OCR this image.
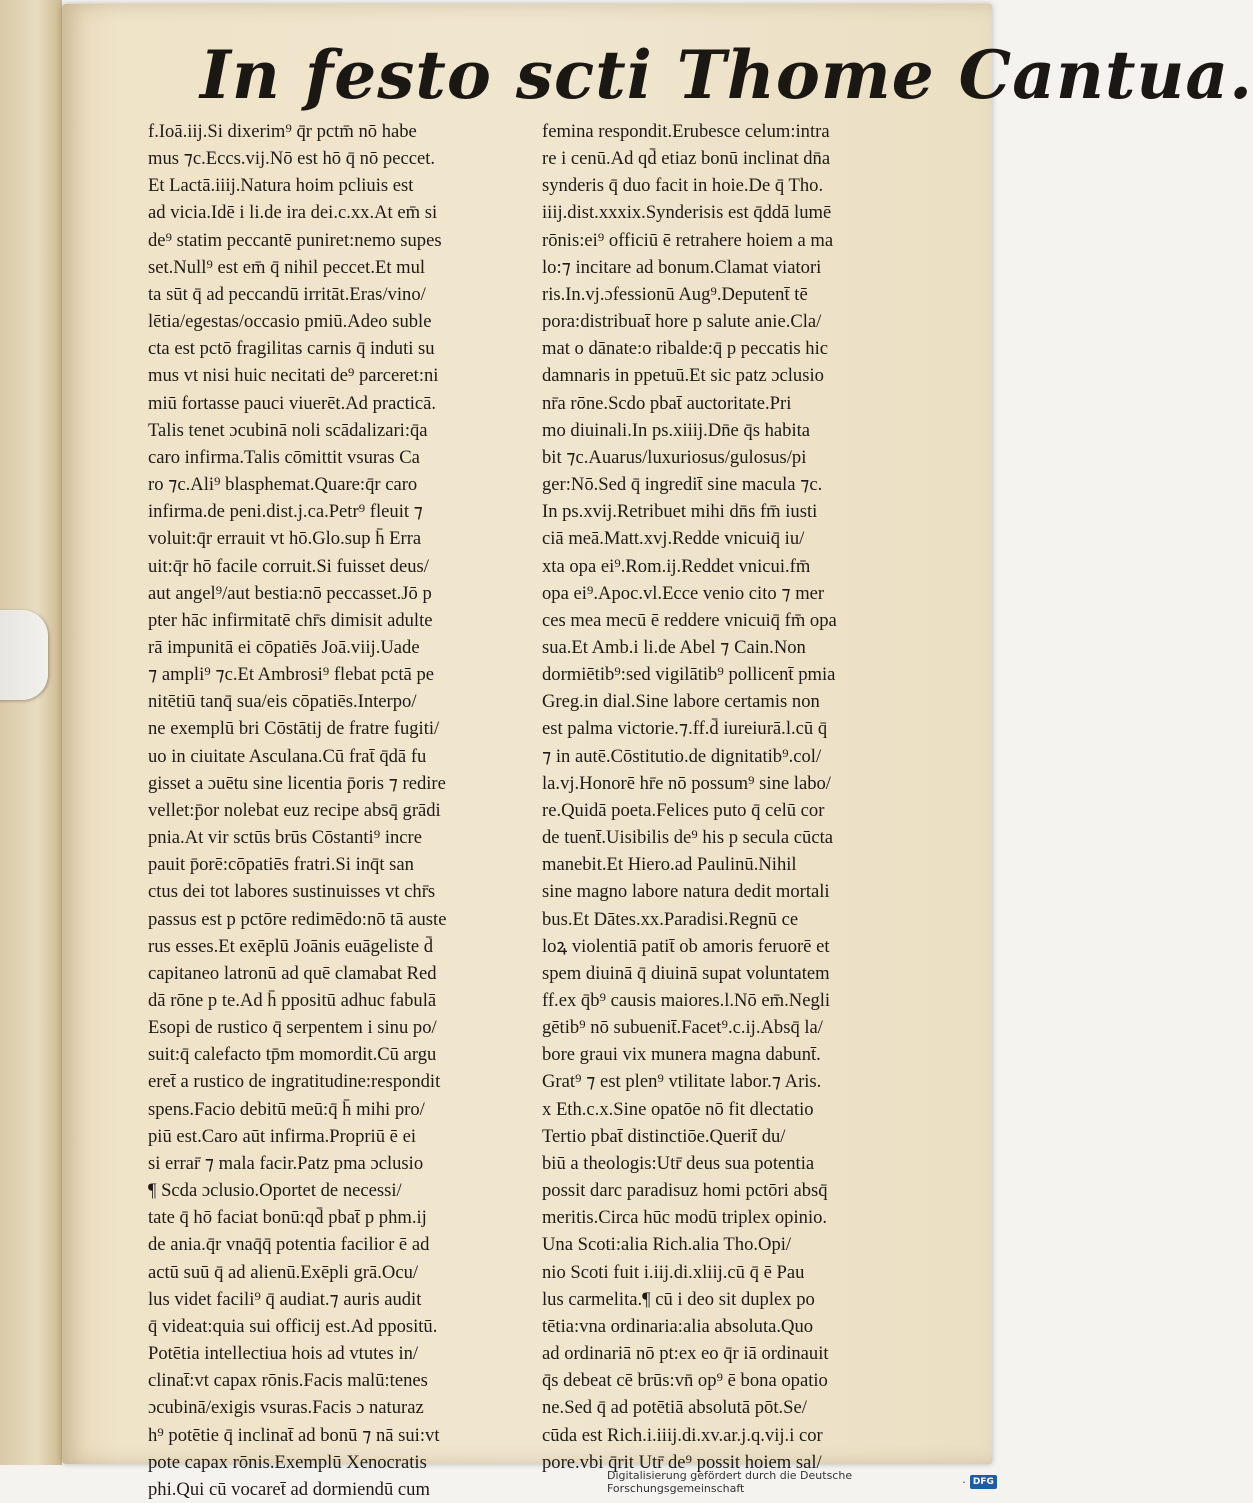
In festo scti Thome Cantua.
f.Ioā.iij.Si dixerim⁹ q̄r pctm̄ nō habe
mus ⁊c.Eccs.vij.Nō est hō q̄ nō peccet.
Et Lactā.iiij.Natura hoim pcliuis est
ad vicia.Idē i li.de ira dei.c.xx.At em̄ si
de⁹ statim peccantē puniret:nemo supes
set.Null⁹ est em̄ q̄ nihil peccet.Et mul
ta sūt q̄ ad peccandū irritāt.Eras/vino/
lētia/egestas/occasio pmiū.Adeo suble
cta est pctō fragilitas carnis q̄ induti su
mus vt nisi huic necitati de⁹ parceret:ni
miū fortasse pauci viuerēt.Ad practicā.
Talis tenet ɔcubinā noli scādalizari:q̄a
caro infirma.Talis cōmittit vsuras Ca
ro ⁊c.Ali⁹ blasphemat.Quare:q̄r caro
infirma.de peni.dist.j.ca.Petr⁹ fleuit ⁊
voluit:q̄r errauit vt hō.Glo.sup h̄ Erra
uit:q̄r hō facile corruit.Si fuisset deus/
aut angel⁹/aut bestia:nō peccasset.Jō p
pter hāc infirmitatē chr̄s dimisit adulte
rā impunitā ei cōpatiēs Joā.viij.Uade
⁊ ampli⁹ ⁊c.Et Ambrosi⁹ flebat pctā pe
nitētiū tanq̄ sua/eis cōpatiēs.Interpo/
ne exemplū bri Cōstātij de fratre fugiti/
uo in ciuitate Asculana.Cū frat̄ q̄dā fu
gisset a ɔuētu sine licentia p̄oris ⁊ redire
vellet:p̄or nolebat euz recipe absq̄ grādi
pnia.At vir sctūs brūs Cōstanti⁹ incre
pauit p̄orē:cōpatiēs fratri.Si inq̄t san
ctus dei tot labores sustinuisses vt chr̄s
passus est p pctōre redimēdo:nō tā auste
rus esses.Et exēplū Joānis euāgeliste d̄
capitaneo latronū ad quē clamabat Red
dā rōne p te.Ad h̄ ppositū adhuc fabulā
Esopi de rustico q̄ serpentem i sinu po/
suit:q̄ calefacto tp̄m momordit.Cū argu
eret̄ a rustico de ingratitudine:respondit
spens.Facio debitū meū:q̄ h̄ mihi pro/
piū est.Caro aūt infirma.Propriū ē ei
si errar̄ ⁊ mala facir.Patz pma ɔclusio
¶ Scda ɔclusio.Oportet de necessi/
tate q̄ hō faciat bonū:qd̄ pbat̄ p phm.ij
de ania.q̄r vnaq̄q̄ potentia facilior ē ad
actū suū q̄ ad alienū.Exēpli grā.Ocu/
lus videt facili⁹ q̄ audiat.⁊ auris audit
q̄ videat:quia sui officij est.Ad ppositū.
Potētia intellectiua hois ad vtutes in/
clinat̄:vt capax rōnis.Facis malū:tenes
ɔcubinā/exigis vsuras.Facis ɔ naturaz
h⁹ potētie q̄ inclinat̄ ad bonū ⁊ nā sui:vt
pote capax rōnis.Exemplū Xenocratis
phi.Qui cū vocaret̄ ad dormiendū cum
femina respondit.Erubesce celum:intra
re i cenū.Ad qd̄ etiaz bonū inclinat dn̄a
synderis q̄ duo facit in hoie.De q̄ Tho.
iiij.dist.xxxix.Synderisis est q̄ddā lumē
rōnis:ei⁹ officiū ē retrahere hoiem a ma
lo:⁊ incitare ad bonum.Clamat viatori
ris.In.vj.ɔfessionū Aug⁹.Deputent̄ tē
pora:distribuat̄ hore p salute anie.Cla/
mat o dānate:o ribalde:q̄ p peccatis hic
damnaris in ppetuū.Et sic patz ɔclusio
nr̄a rōne.Scdo pbat̄ auctoritate.Pri
mo diuinali.In ps.xiiij.Dn̄e q̄s habita
bit ⁊c.Auarus/luxuriosus/gulosus/pi
ger:Nō.Sed q̄ ingredit̄ sine macula ⁊c.
In ps.xvij.Retribuet mihi dn̄s fm̄ iusti
ciā meā.Matt.xvj.Redde vnicuiq̄ iu/
xta opa ei⁹.Rom.ij.Reddet vnicui.fm̄
opa ei⁹.Apoc.vl.Ecce venio cito ⁊ mer
ces mea mecū ē reddere vnicuiq̄ fm̄ opa
sua.Et Amb.i li.de Abel ⁊ Cain.Non
dormiētib⁹:sed vigilātib⁹ pollicent̄ pmia
Greg.in dial.Sine labore certamis non
est palma victorie.⁊.ff.d̄ iureiurā.l.cū q̄
⁊ in autē.Cōstitutio.de dignitatib⁹.col/
la.vj.Honorē hr̄e nō possum⁹ sine labo/
re.Quidā poeta.Felices puto q̄ celū cor
de tuent̄.Uisibilis de⁹ his p secula cūcta
manebit.Et Hiero.ad Paulinū.Nihil
sine magno labore natura dedit mortali
bus.Et Dātes.xx.Paradisi.Regnū ce
loꝝ violentiā patit̄ ob amoris feruorē et
spem diuinā q̄ diuinā supat voluntatem
ff.ex q̄b⁹ causis maiores.l.Nō em̄.Negli
gētib⁹ nō subuenit̄.Facet⁹.c.ij.Absq̄ la/
bore graui vix munera magna dabunt̄.
Grat⁹ ⁊ est plen⁹ vtilitate labor.⁊ Aris.
x Eth.c.x.Sine opatōe nō fit dlectatio
Tertio pbat̄ distinctiōe.Querit̄ du/
biū a theologis:Utr̄ deus sua potentia
possit darc paradisuz homi pctōri absq̄
meritis.Circa hūc modū triplex opinio.
Una Scoti:alia Rich.alia Tho.Opi/
nio Scoti fuit i.iij.di.xliij.cū q̄ ē Pau
lus carmelita.¶ cū i deo sit duplex po
tētia:vna ordinaria:alia absoluta.Quo
ad ordinariā nō pt:ex eo q̄r iā ordinauit
q̄s debeat cē brūs:vn̄ op⁹ ē bona opatio
ne.Sed q̄ ad potētiā absolutā pōt.Se/
cūda est Rich.i.iiij.di.xv.ar.j.q.vij.i cor
pore.vbi q̄rit Utr̄ de⁹ possit hoiem sal/
Digitalisierung gefördert durch die Deutsche Forschungsgemeinschaft	· DFG
